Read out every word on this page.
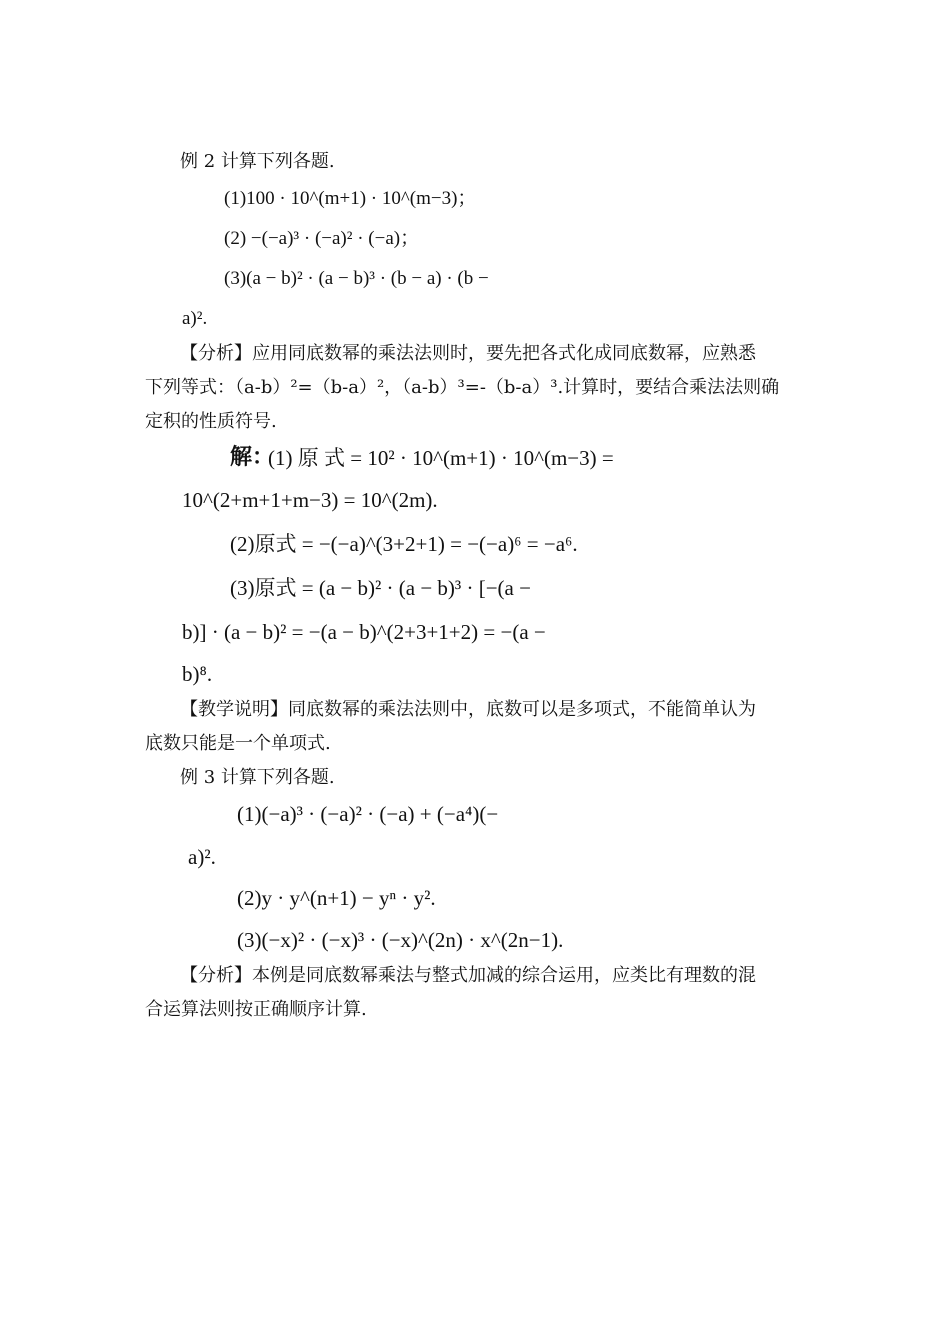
例 2 计算下列各题.
(1)100 · 10^(m+1) · 10^(m−3)；
(2) −(−a)³ · (−a)² · (−a)；
(3)(a − b)² · (a − b)³ · (b − a) · (b −
a)².
【分析】应用同底数幂的乘法法则时，要先把各式化成同底数幂，应熟悉
下列等式：（a-b）²=（b-a）²，（a-b）³=-（b-a）³.计算时，要结合乘法法则确
定积的性质符号.
解：
(1) 原 式 = 10² · 10^(m+1) · 10^(m−3) =
10^(2+m+1+m−3) = 10^(2m).
(2)原式 = −(−a)^(3+2+1) = −(−a)⁶ = −a⁶.
(3)原式 = (a − b)² · (a − b)³ · [−(a −
b)] · (a − b)² = −(a − b)^(2+3+1+2) = −(a −
b)⁸.
【教学说明】同底数幂的乘法法则中，底数可以是多项式，不能简单认为
底数只能是一个单项式.
例 3 计算下列各题.
(1)(−a)³ · (−a)² · (−a) + (−a⁴)(−
a)².
(2)y · y^(n+1) − yⁿ · y².
(3)(−x)² · (−x)³ · (−x)^(2n) · x^(2n−1).
【分析】本例是同底数幂乘法与整式加减的综合运用，应类比有理数的混
合运算法则按正确顺序计算.
